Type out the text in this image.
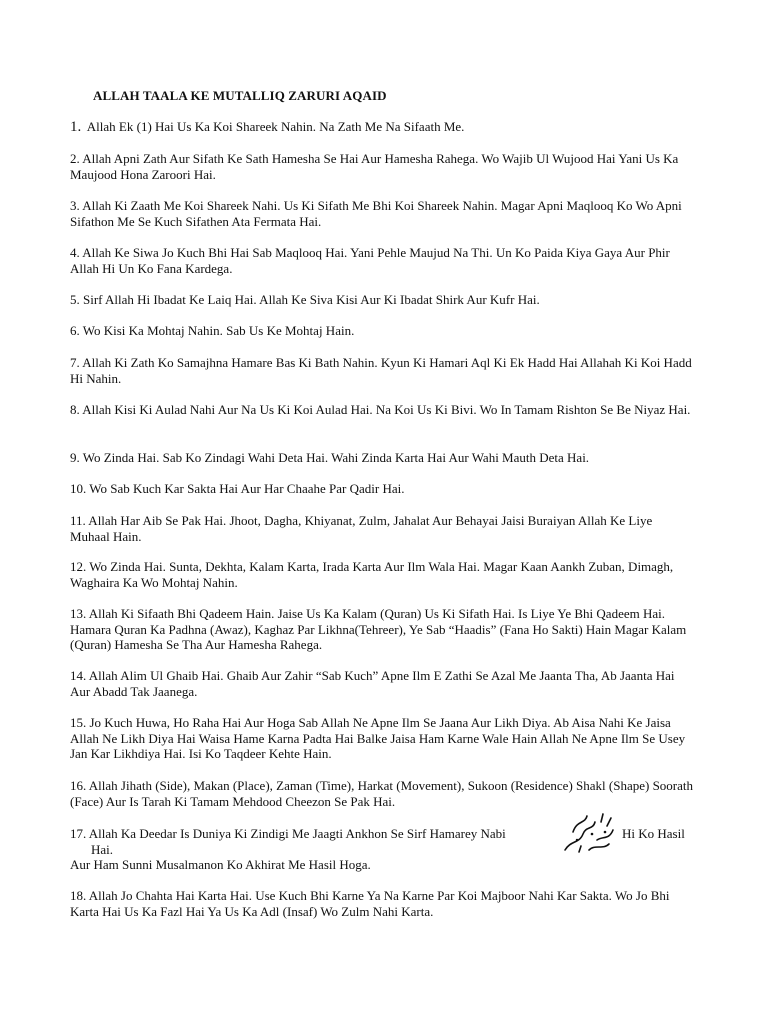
ALLAH TAALA KE MUTALLIQ ZARURI AQAID
1. Allah Ek (1) Hai Us Ka Koi Shareek Nahin. Na Zath Me Na Sifaath Me.
2. Allah Apni Zath Aur Sifath Ke Sath Hamesha Se Hai Aur Hamesha Rahega. Wo Wajib Ul Wujood Hai Yani Us Ka Maujood Hona Zaroori Hai.
3. Allah Ki Zaath Me Koi Shareek Nahi. Us Ki Sifath Me Bhi Koi Shareek Nahin. Magar Apni Maqlooq Ko Wo Apni Sifathon Me Se Kuch Sifathen Ata Fermata Hai.
4. Allah Ke Siwa Jo Kuch Bhi Hai Sab Maqlooq Hai. Yani Pehle Maujud Na Thi. Un Ko Paida Kiya Gaya Aur Phir Allah Hi Un Ko Fana Kardega.
5. Sirf Allah Hi Ibadat Ke Laiq Hai. Allah Ke Siva Kisi Aur Ki Ibadat Shirk Aur Kufr Hai.
6. Wo Kisi Ka Mohtaj Nahin. Sab Us Ke Mohtaj Hain.
7. Allah Ki Zath Ko Samajhna Hamare Bas Ki Bath Nahin. Kyun Ki Hamari Aql Ki Ek Hadd Hai Allahah Ki Koi Hadd Hi Nahin.
8. Allah Kisi Ki Aulad Nahi Aur Na Us Ki Koi Aulad Hai. Na Koi Us Ki Bivi. Wo In Tamam Rishton Se Be Niyaz Hai.
9. Wo Zinda Hai. Sab Ko Zindagi Wahi Deta Hai. Wahi Zinda Karta Hai Aur Wahi Mauth Deta Hai.
10. Wo Sab Kuch Kar Sakta Hai Aur Har Chaahe Par Qadir Hai.
11. Allah Har Aib Se Pak Hai. Jhoot, Dagha, Khiyanat, Zulm, Jahalat Aur Behayai Jaisi Buraiyan Allah Ke Liye Muhaal Hain.
12. Wo Zinda Hai. Sunta, Dekhta, Kalam Karta, Irada Karta Aur Ilm Wala Hai. Magar Kaan Aankh Zuban, Dimagh, Waghaira Ka Wo Mohtaj Nahin.
13. Allah Ki Sifaath Bhi Qadeem Hain. Jaise Us Ka Kalam (Quran) Us Ki Sifath Hai. Is Liye Ye Bhi Qadeem Hai. Hamara Quran Ka Padhna (Awaz), Kaghaz Par Likhna(Tehreer), Ye Sab “Haadis” (Fana Ho Sakti) Hain Magar Kalam (Quran) Hamesha Se Tha Aur Hamesha Rahega.
14. Allah Alim Ul Ghaib Hai. Ghaib Aur Zahir “Sab Kuch” Apne Ilm E Zathi Se Azal Me Jaanta Tha, Ab Jaanta Hai Aur Abadd Tak Jaanega.
15. Jo Kuch Huwa, Ho Raha Hai Aur Hoga Sab Allah Ne Apne Ilm Se Jaana Aur Likh Diya. Ab Aisa Nahi Ke Jaisa Allah Ne Likh Diya Hai Waisa Hame Karna Padta Hai Balke Jaisa Ham Karne Wale Hain Allah Ne Apne Ilm Se Usey Jan Kar Likhdiya Hai. Isi Ko Taqdeer Kehte Hain.
16. Allah Jihath (Side), Makan (Place), Zaman (Time), Harkat (Movement), Sukoon (Residence) Shakl (Shape) Soorath (Face) Aur Is Tarah Ki Tamam Mehdood Cheezon Se Pak Hai.
17. Allah Ka Deedar Is Duniya Ki Zindigi Me Jaagti Ankhon Se Sirf Hamarey Nabi
Hai.
Aur Ham Sunni Musalmanon Ko Akhirat Me Hasil Hoga.
Hi Ko Hasil
18. Allah Jo Chahta Hai Karta Hai. Use Kuch Bhi Karne Ya Na Karne Par Koi Majboor Nahi Kar Sakta. Wo Jo Bhi Karta Hai Us Ka Fazl Hai Ya Us Ka Adl (Insaf) Wo Zulm Nahi Karta.
